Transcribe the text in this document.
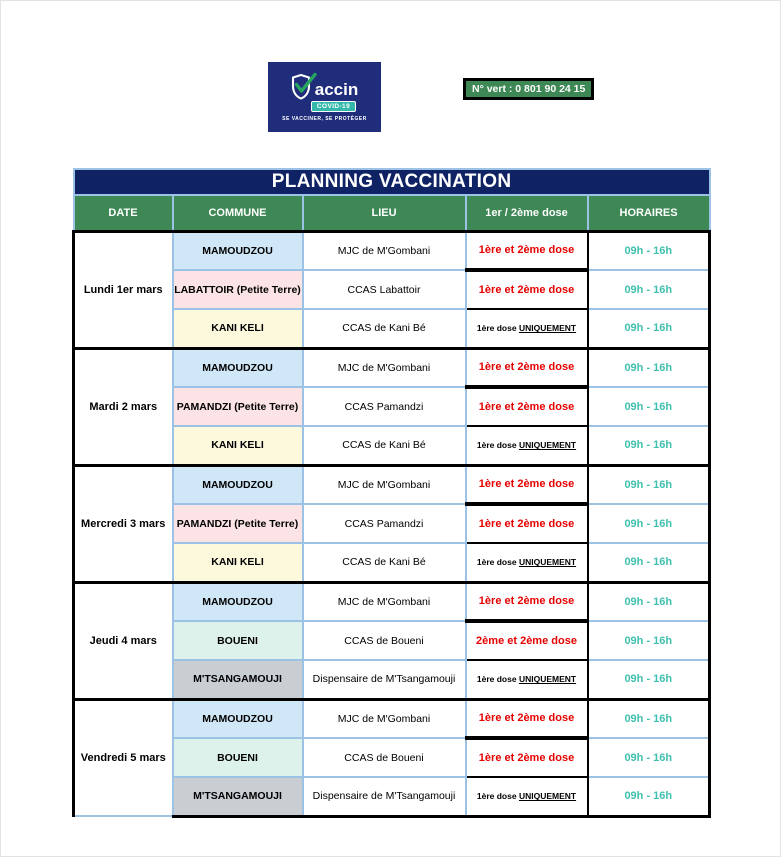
accin
COVID-19
SE VACCINER, SE PROTÉGER
N° vert : 0 801 90 24 15
PLANNING VACCINATION				
DATE	COMMUNE	LIEU	1er / 2ème dose	HORAIRES
Lundi 1er mars	MAMOUDZOU	MJC de M'Gombani	1ère et 2ème dose	09h - 16h
	LABATTOIR (Petite Terre)	CCAS Labattoir	1ère et 2ème dose	09h - 16h
	KANI KELI	CCAS de Kani Bé	1ère dose UNIQUEMENT	09h - 16h
Mardi 2 mars	MAMOUDZOU	MJC de M'Gombani	1ère et 2ème dose	09h - 16h
	PAMANDZI (Petite Terre)	CCAS Pamandzi	1ère et 2ème dose	09h - 16h
	KANI KELI	CCAS de Kani Bé	1ère dose UNIQUEMENT	09h - 16h
Mercredi 3 mars	MAMOUDZOU	MJC de M'Gombani	1ère et 2ème dose	09h - 16h
	PAMANDZI (Petite Terre)	CCAS Pamandzi	1ère et 2ème dose	09h - 16h
	KANI KELI	CCAS de Kani Bé	1ère dose UNIQUEMENT	09h - 16h
Jeudi 4 mars	MAMOUDZOU	MJC de M'Gombani	1ère et 2ème dose	09h - 16h
	BOUENI	CCAS de Boueni	2ème et 2ème dose	09h - 16h
	M'TSANGAMOUJI	Dispensaire de M'Tsangamouji	1ère dose UNIQUEMENT	09h - 16h
Vendredi 5 mars	MAMOUDZOU	MJC de M'Gombani	1ère et 2ème dose	09h - 16h
	BOUENI	CCAS de Boueni	1ère et 2ème dose	09h - 16h
	M'TSANGAMOUJI	Dispensaire de M'Tsangamouji	1ère dose UNIQUEMENT	09h - 16h
